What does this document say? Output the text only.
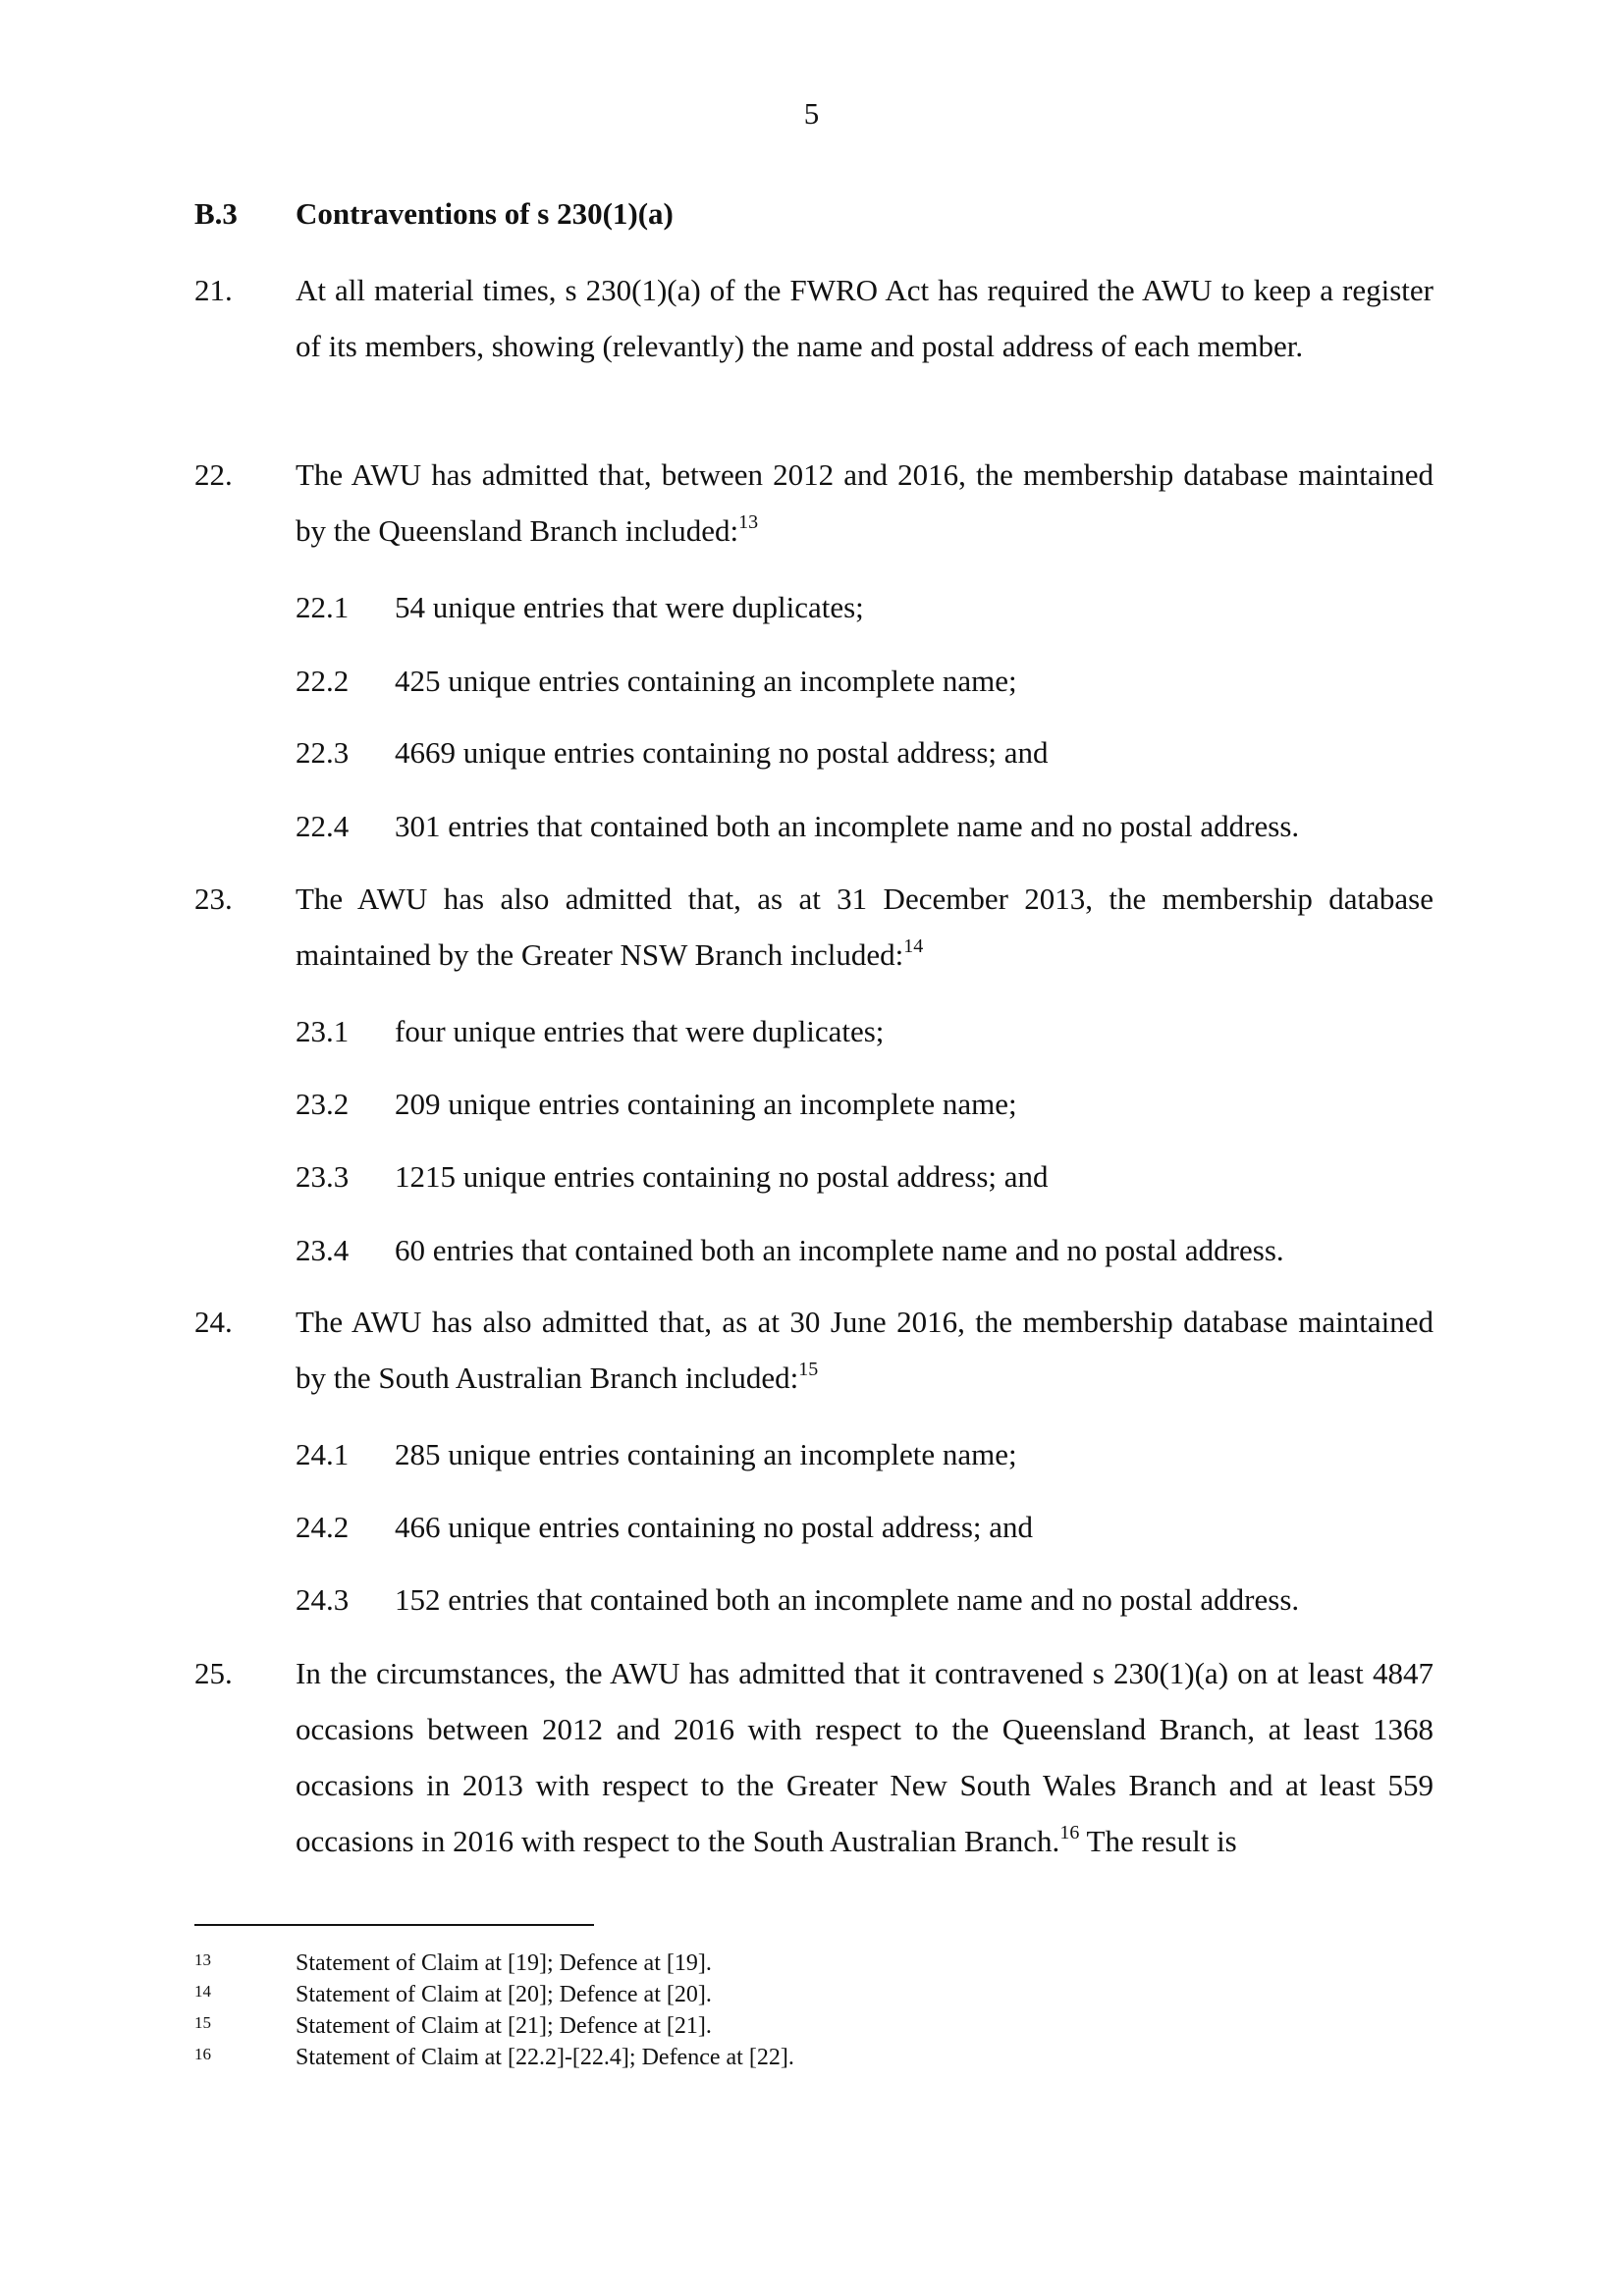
5
B.3 Contraventions of s 230(1)(a)
21. At all material times, s 230(1)(a) of the FWRO Act has required the AWU to keep a register of its members, showing (relevantly) the name and postal address of each member.
22. The AWU has admitted that, between 2012 and 2016, the membership database maintained by the Queensland Branch included:$^{13}$
22.1 54 unique entries that were duplicates;
22.2 425 unique entries containing an incomplete name;
22.3 4669 unique entries containing no postal address; and
22.4 301 entries that contained both an incomplete name and no postal address.
23. The AWU has also admitted that, as at 31 December 2013, the membership database maintained by the Greater NSW Branch included:$^{14}$
23.1 four unique entries that were duplicates;
23.2 209 unique entries containing an incomplete name;
23.3 1215 unique entries containing no postal address; and
23.4 60 entries that contained both an incomplete name and no postal address.
24. The AWU has also admitted that, as at 30 June 2016, the membership database maintained by the South Australian Branch included:$^{15}$
24.1 285 unique entries containing an incomplete name;
24.2 466 unique entries containing no postal address; and
24.3 152 entries that contained both an incomplete name and no postal address.
25. In the circumstances, the AWU has admitted that it contravened s 230(1)(a) on at least 4847 occasions between 2012 and 2016 with respect to the Queensland Branch, at least 1368 occasions in 2013 with respect to the Greater New South Wales Branch and at least 559 occasions in 2016 with respect to the South Australian Branch.$^{16}$ The result is
13	Statement of Claim at [19]; Defence at [19].
14	Statement of Claim at [20]; Defence at [20].
15	Statement of Claim at [21]; Defence at [21].
16	Statement of Claim at [22.2]-[22.4]; Defence at [22].
